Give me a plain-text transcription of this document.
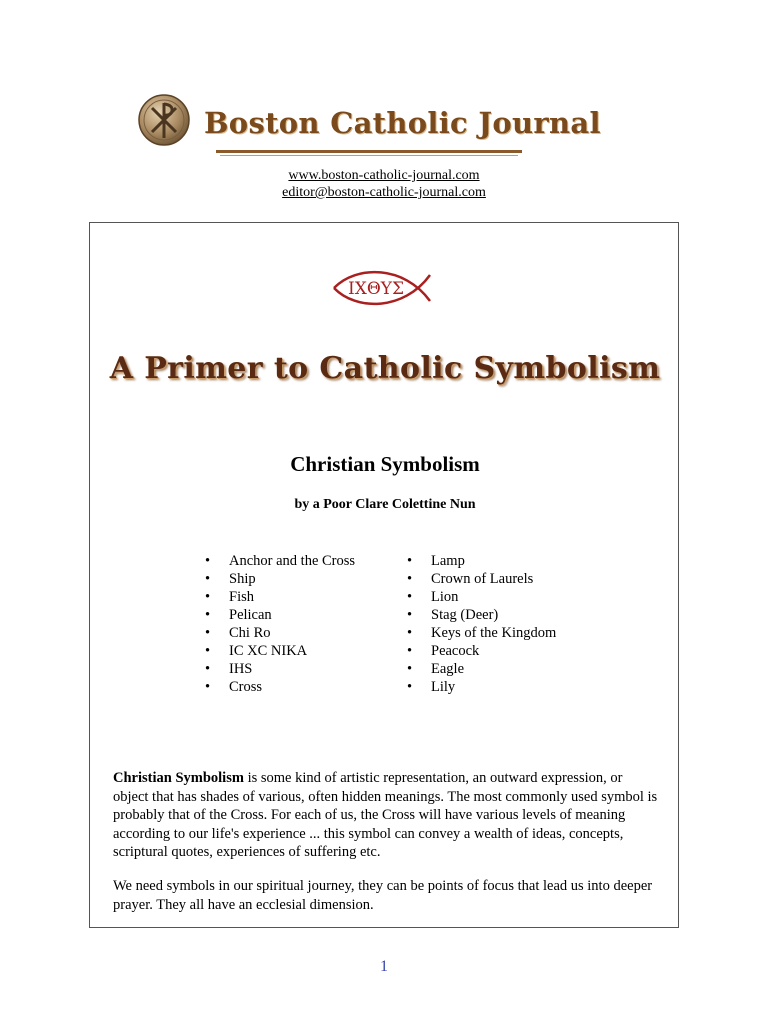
Boston Catholic Journal
www.boston-catholic-journal.com
editor@boston-catholic-journal.com
ΙΧΘΥΣ
A Primer to Catholic Symbolism
Christian Symbolism
by a Poor Clare Colettine Nun
• Anchor and the Cross
• Ship
• Fish
• Pelican
• Chi Ro
• IC XC NIKA
• IHS
• Cross
• Lamp
• Crown of Laurels
• Lion
• Stag (Deer)
• Keys of the Kingdom
• Peacock
• Eagle
• Lily

Christian Symbolism is some kind of artistic representation, an outward expression, or object that has shades of various, often hidden meanings. The most commonly used symbol is probably that of the Cross. For each of us, the Cross will have various levels of meaning according to our life's experience ... this symbol can convey a wealth of ideas, concepts, scriptural quotes, experiences of suffering etc.

We need symbols in our spiritual journey, they can be points of focus that lead us into deeper prayer. They all have an ecclesial dimension.

1
